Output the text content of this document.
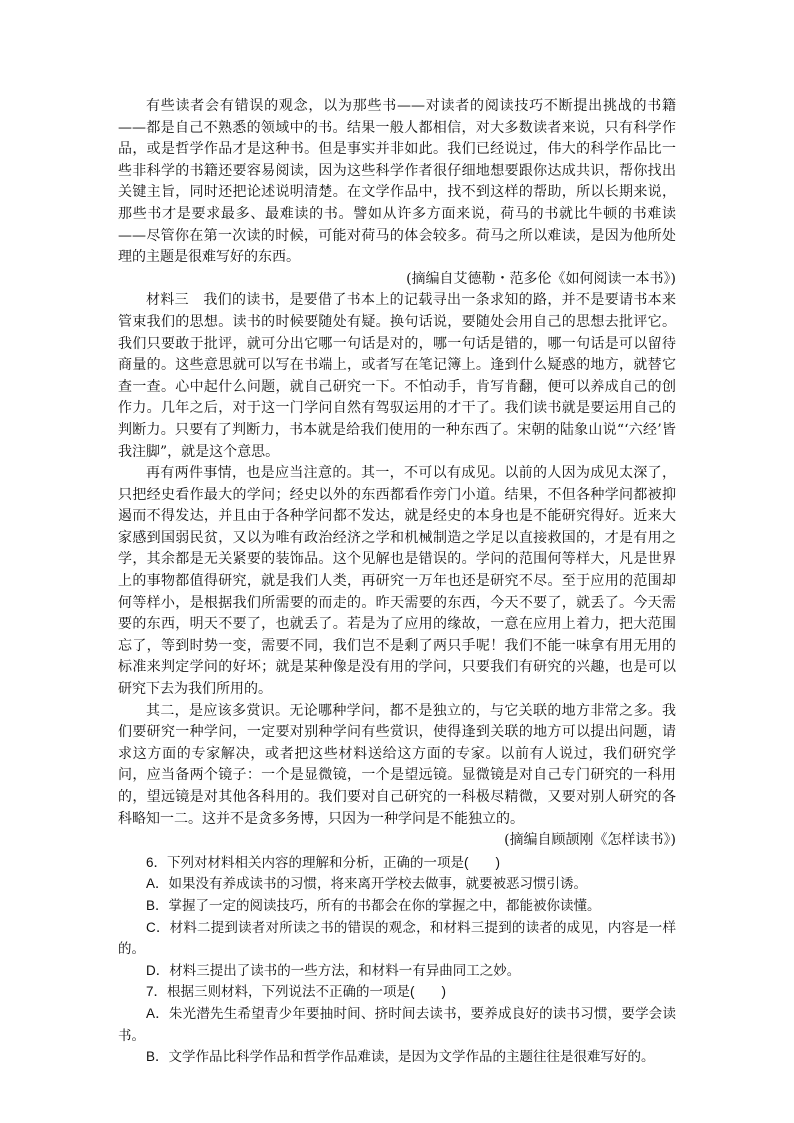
有些读者会有错误的观念，以为那些书——对读者的阅读技巧不断提出挑战的书籍——都是自己不熟悉的领域中的书。结果一般人都相信，对大多数读者来说，只有科学作品，或是哲学作品才是这种书。但是事实并非如此。我们已经说过，伟大的科学作品比一些非科学的书籍还要容易阅读，因为这些科学作者很仔细地想要跟你达成共识，帮你找出关键主旨，同时还把论述说明清楚。在文学作品中，找不到这样的帮助，所以长期来说，那些书才是要求最多、最难读的书。譬如从许多方面来说，荷马的书就比牛顿的书难读——尽管你在第一次读的时候，可能对荷马的体会较多。荷马之所以难读，是因为他所处理的主题是很难写好的东西。

(摘编自艾德勒・范多伦《如何阅读一本书》)

材料三　我们的读书，是要借了书本上的记载寻出一条求知的路，并不是要请书本来管束我们的思想。读书的时候要随处有疑。换句话说，要随处会用自己的思想去批评它。我们只要敢于批评，就可分出它哪一句话是对的，哪一句话是错的，哪一句话是可以留待商量的。这些意思就可以写在书端上，或者写在笔记簿上。逢到什么疑惑的地方，就替它查一查。心中起什么问题，就自己研究一下。不怕动手，肯写肯翻，便可以养成自己的创作力。几年之后，对于这一门学问自然有驾驭运用的才干了。我们读书就是要运用自己的判断力。只要有了判断力，书本就是给我们使用的一种东西了。宋朝的陆象山说“‘六经’皆我注脚”，就是这个意思。

再有两件事情，也是应当注意的。其一，不可以有成见。以前的人因为成见太深了，只把经史看作最大的学问；经史以外的东西都看作旁门小道。结果，不但各种学问都被抑遏而不得发达，并且由于各种学问都不发达，就是经史的本身也是不能研究得好。近来大家感到国弱民贫，又以为唯有政治经济之学和机械制造之学足以直接救国的，才是有用之学，其余都是无关紧要的装饰品。这个见解也是错误的。学问的范围何等样大，凡是世界上的事物都值得研究，就是我们人类，再研究一万年也还是研究不尽。至于应用的范围却何等样小，是根据我们所需要的而走的。昨天需要的东西，今天不要了，就丢了。今天需要的东西，明天不要了，也就丢了。若是为了应用的缘故，一意在应用上着力，把大范围忘了，等到时势一变，需要不同，我们岂不是剩了两只手呢！我们不能一味拿有用无用的标准来判定学问的好坏；就是某种像是没有用的学问，只要我们有研究的兴趣，也是可以研究下去为我们所用的。

其二，是应该多赏识。无论哪种学问，都不是独立的，与它关联的地方非常之多。我们要研究一种学问，一定要对别种学问有些赏识，使得逢到关联的地方可以提出问题，请求这方面的专家解决，或者把这些材料送给这方面的专家。以前有人说过，我们研究学问，应当备两个镜子：一个是显微镜，一个是望远镜。显微镜是对自己专门研究的一科用的，望远镜是对其他各科用的。我们要对自己研究的一科极尽精微，又要对别人研究的各科略知一二。这并不是贪多务博，只因为一种学问是不能独立的。

(摘编自顾颉刚《怎样读书》)

6．下列对材料相关内容的理解和分析，正确的一项是(　　)

A．如果没有养成读书的习惯，将来离开学校去做事，就要被恶习惯引诱。

B．掌握了一定的阅读技巧，所有的书都会在你的掌握之中，都能被你读懂。

C．材料二提到读者对所读之书的错误的观念，和材料三提到的读者的成见，内容是一样的。

D．材料三提出了读书的一些方法，和材料一有异曲同工之妙。

7．根据三则材料，下列说法不正确的一项是(　　)

A．朱光潜先生希望青少年要抽时间、挤时间去读书，要养成良好的读书习惯，要学会读书。

B．文学作品比科学作品和哲学作品难读，是因为文学作品的主题往往是很难写好的。
